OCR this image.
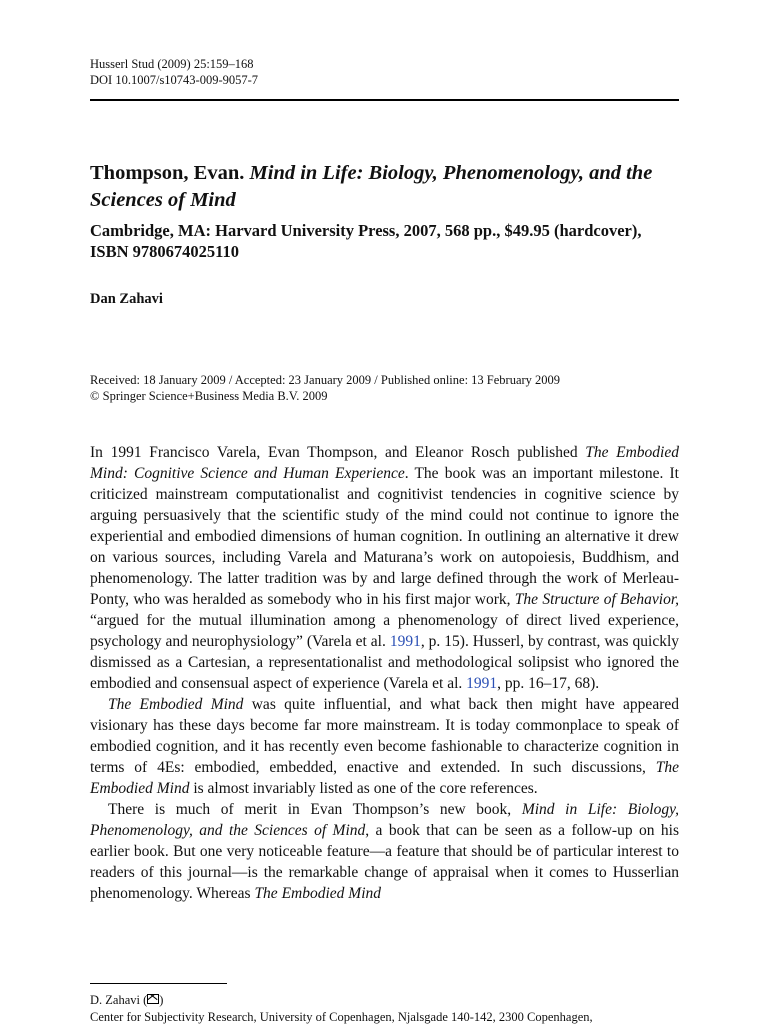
Husserl Stud (2009) 25:159–168
DOI 10.1007/s10743-009-9057-7
Thompson, Evan. Mind in Life: Biology, Phenomenology, and the Sciences of Mind
Cambridge, MA: Harvard University Press, 2007, 568 pp., $49.95 (hardcover), ISBN 9780674025110
Dan Zahavi
Received: 18 January 2009 / Accepted: 23 January 2009 / Published online: 13 February 2009
© Springer Science+Business Media B.V. 2009

In 1991 Francisco Varela, Evan Thompson, and Eleanor Rosch published The Embodied Mind: Cognitive Science and Human Experience. The book was an important milestone. It criticized mainstream computationalist and cognitivist tendencies in cognitive science by arguing persuasively that the scientific study of the mind could not continue to ignore the experiential and embodied dimensions of human cognition. In outlining an alternative it drew on various sources, including Varela and Maturana’s work on autopoiesis, Buddhism, and phenomenology. The latter tradition was by and large defined through the work of Merleau-Ponty, who was heralded as somebody who in his first major work, The Structure of Behavior, “argued for the mutual illumination among a phenomenology of direct lived experience, psychology and neurophysiology” (Varela et al. 1991, p. 15). Husserl, by contrast, was quickly dismissed as a Cartesian, a representationalist and methodological solipsist who ignored the embodied and consensual aspect of experience (Varela et al. 1991, pp. 16–17, 68).

The Embodied Mind was quite influential, and what back then might have appeared visionary has these days become far more mainstream. It is today commonplace to speak of embodied cognition, and it has recently even become fashionable to characterize cognition in terms of 4Es: embodied, embedded, enactive and extended. In such discussions, The Embodied Mind is almost invariably listed as one of the core references.

There is much of merit in Evan Thompson’s new book, Mind in Life: Biology, Phenomenology, and the Sciences of Mind, a book that can be seen as a follow-up on his earlier book. But one very noticeable feature—a feature that should be of particular interest to readers of this journal—is the remarkable change of appraisal when it comes to Husserlian phenomenology. Whereas The Embodied Mind

D. Zahavi ( )
Center for Subjectivity Research, University of Copenhagen, Njalsgade 140-142, 2300 Copenhagen,
